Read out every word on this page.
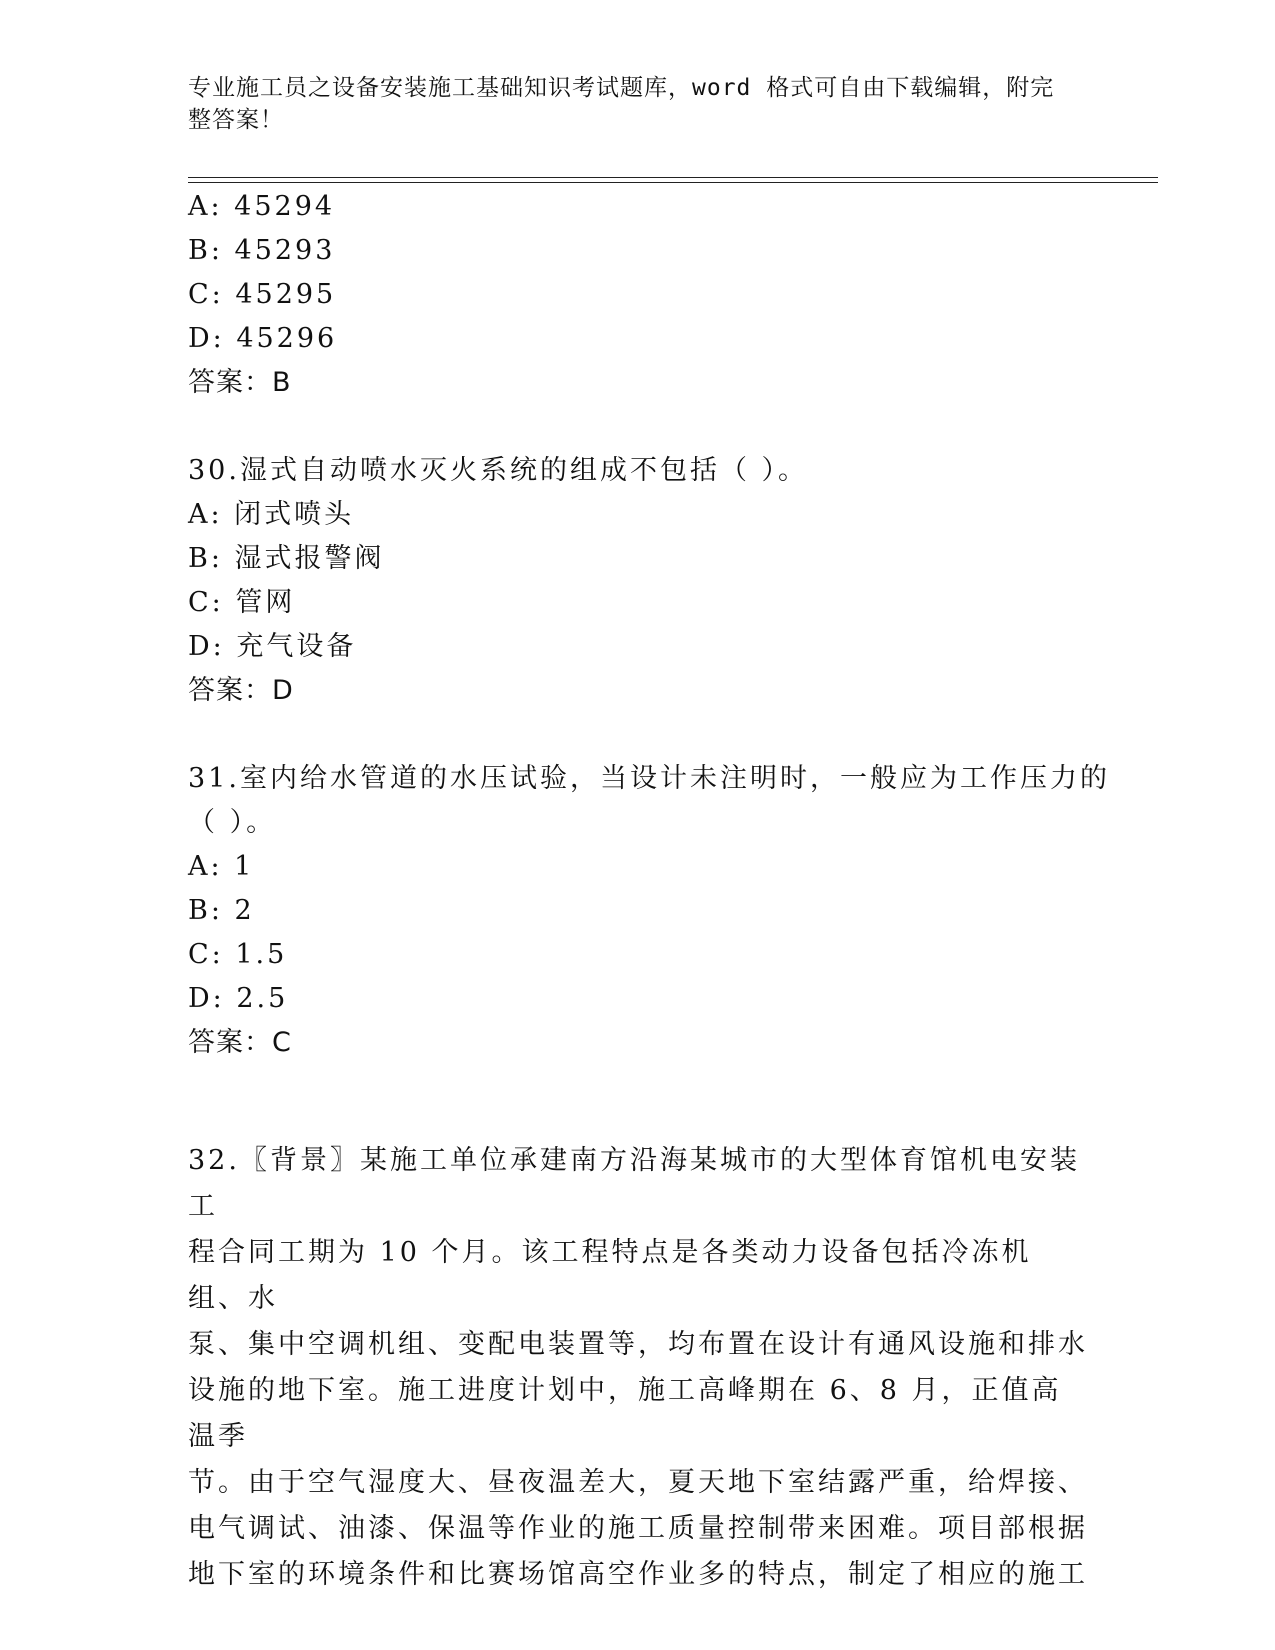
专业施工员之设备安装施工基础知识考试题库，word 格式可自由下载编辑，附完
整答案！
A: 45294
B: 45293
C: 45295
D: 45296
答案：B
30.湿式自动喷水灭火系统的组成不包括（ ）。
A: 闭式喷头
B: 湿式报警阀
C: 管网
D: 充气设备
答案：D
31.室内给水管道的水压试验，当设计未注明时，一般应为工作压力的
（ ）。
A: 1
B: 2
C: 1.5
D: 2.5
答案：C
32.〖背景〗某施工单位承建南方沿海某城市的大型体育馆机电安装工
程合同工期为 10 个月。该工程特点是各类动力设备包括冷冻机组、水
泵、集中空调机组、变配电装置等，均布置在设计有通风设施和排水
设施的地下室。施工进度计划中，施工高峰期在 6、8 月，正值高温季
节。由于空气湿度大、昼夜温差大，夏天地下室结露严重，给焊接、
电气调试、油漆、保温等作业的施工质量控制带来困难。项目部根据
地下室的环境条件和比赛场馆高空作业多的特点，制定了相应的施工
